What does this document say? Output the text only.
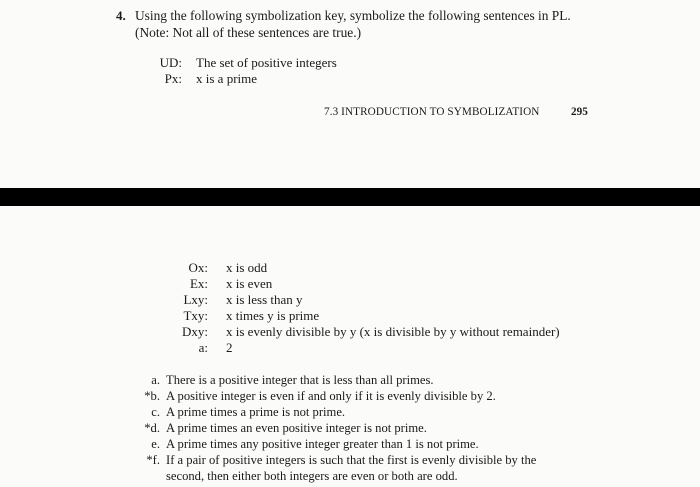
4. Using the following symbolization key, symbolize the following sentences in PL.
(Note: Not all of these sentences are true.)
UD: The set of positive integers
Px: x is a prime
7.3 INTRODUCTION TO SYMBOLIZATION	295
Ox: x is odd
Ex: x is even
Lxy: x is less than y
Txy: x times y is prime
Dxy: x is evenly divisible by y (x is divisible by y without remainder)
a: 2
a. There is a positive integer that is less than all primes.
*b. A positive integer is even if and only if it is evenly divisible by 2.
c. A prime times a prime is not prime.
*d. A prime times an even positive integer is not prime.
e. A prime times any positive integer greater than 1 is not prime.
*f. If a pair of positive integers is such that the first is evenly divisible by the
second, then either both integers are even or both are odd.
